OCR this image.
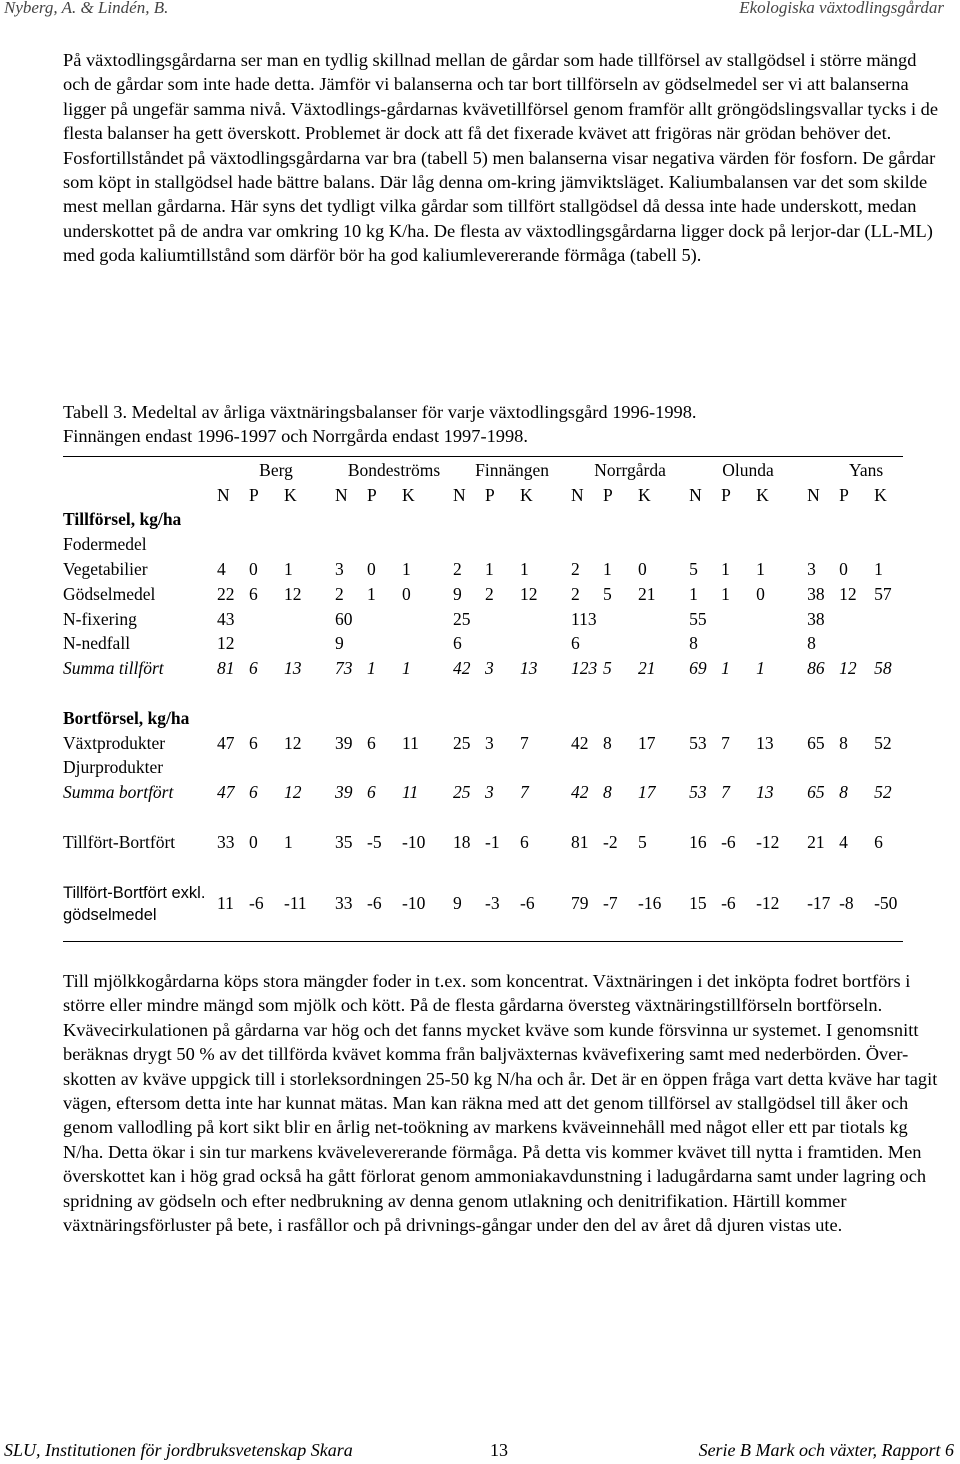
Nyberg, A. & Lindén, B.	Ekologiska växtodlingsgårdar

På växtodlingsgårdarna ser man en tydlig skillnad mellan de gårdar som hade tillförsel av stallgödsel i större mängd och de gårdar som inte hade detta. Jämför vi balanserna och tar bort tillförseln av gödselmedel ser vi att balanserna ligger på ungefär samma nivå. Växtodlings-gårdarnas kvävetillförsel genom framför allt gröngödslingsvallar tycks i de flesta balanser ha gett överskott. Problemet är dock att få det fixerade kvävet att frigöras när grödan behöver det. Fosfortillståndet på växtodlingsgårdarna var bra (tabell 5) men balanserna visar negativa värden för fosforn. De gårdar som köpt in stallgödsel hade bättre balans. Där låg denna om-kring jämviktsläget. Kaliumbalansen var det som skilde mest mellan gårdarna. Här syns det tydligt vilka gårdar som tillfört stallgödsel då dessa inte hade underskott, medan underskottet på de andra var omkring 10 kg K/ha. De flesta av växtodlingsgårdarna ligger dock på lerjor-dar (LL-ML) med goda kaliumtillstånd som därför bör ha god kaliumlevererande förmåga (tabell 5).

Tabell 3. Medeltal av årliga växtnäringsbalanser för varje växtodlingsgård 1996-1998.
Finnängen endast 1996-1997 och Norrgårda endast 1997-1998.
	Berg			Bondeströms			Finnängen			Norrgårda			Olunda			Yans		
	N	P	K	N	P	K	N	P	K	N	P	K	N	P	K	N	P	K
Tillförsel, kg/ha																		
Fodermedel																		
Vegetabilier	4	0	1	3	0	1	2	1	1	2	1	0	5	1	1	3	0	1
Gödselmedel	22	6	12	2	1	0	9	2	12	2	5	21	1	1	0	38	12	57
N-fixering	43			60			25			113			55			38		
N-nedfall	12			9			6			6			8			8		
Summa tillfört	81	6	13	73	1	1	42	3	13	123	5	21	69	1	1	86	12	58

Bortförsel, kg/ha																		
Växtprodukter	47	6	12	39	6	11	25	3	7	42	8	17	53	7	13	65	8	52
Djurprodukter																		
Summa bortfört	47	6	12	39	6	11	25	3	7	42	8	17	53	7	13	65	8	52

Tillfört-Bortfört	33	0	1	35	-5	-10	18	-1	6	81	-2	5	16	-6	-12	21	4	6

Tillfört-Bortfört exkl. gödselmedel	11	-6	-11	33	-6	-10	9	-3	-6	79	-7	-16	15	-6	-12	-17	-8	-50

Till mjölkkogårdarna köps stora mängder foder in t.ex. som koncentrat. Växtnäringen i det inköpta fodret bortförs i större eller mindre mängd som mjölk och kött. På de flesta gårdarna översteg växtnäringstillförseln bortförseln. Kvävecirkulationen på gårdarna var hög och det fanns mycket kväve som kunde försvinna ur systemet. I genomsnitt beräknas drygt 50 % av det tillförda kvävet komma från baljväxternas kvävefixering samt med nederbörden. Över-skotten av kväve uppgick till i storleksordningen 25-50 kg N/ha och år. Det är en öppen fråga vart detta kväve har tagit vägen, eftersom detta inte har kunnat mätas. Man kan räkna med att det genom tillförsel av stallgödsel till åker och genom vallodling på kort sikt blir en årlig net-toökning av markens kväveinnehåll med något eller ett par tiotals kg N/ha. Detta ökar i sin tur markens kvävelevererande förmåga. På detta vis kommer kvävet till nytta i framtiden. Men överskottet kan i hög grad också ha gått förlorat genom ammoniakavdunstning i ladugårdarna samt under lagring och spridning av gödseln och efter nedbrukning av denna genom utlakning och denitrifikation. Härtill kommer växtnäringsförluster på bete, i rasfållor och på drivnings-gångar under den del av året då djuren vistas ute.

SLU, Institutionen för jordbruksvetenskap Skara	13	Serie B Mark och växter, Rapport 6
